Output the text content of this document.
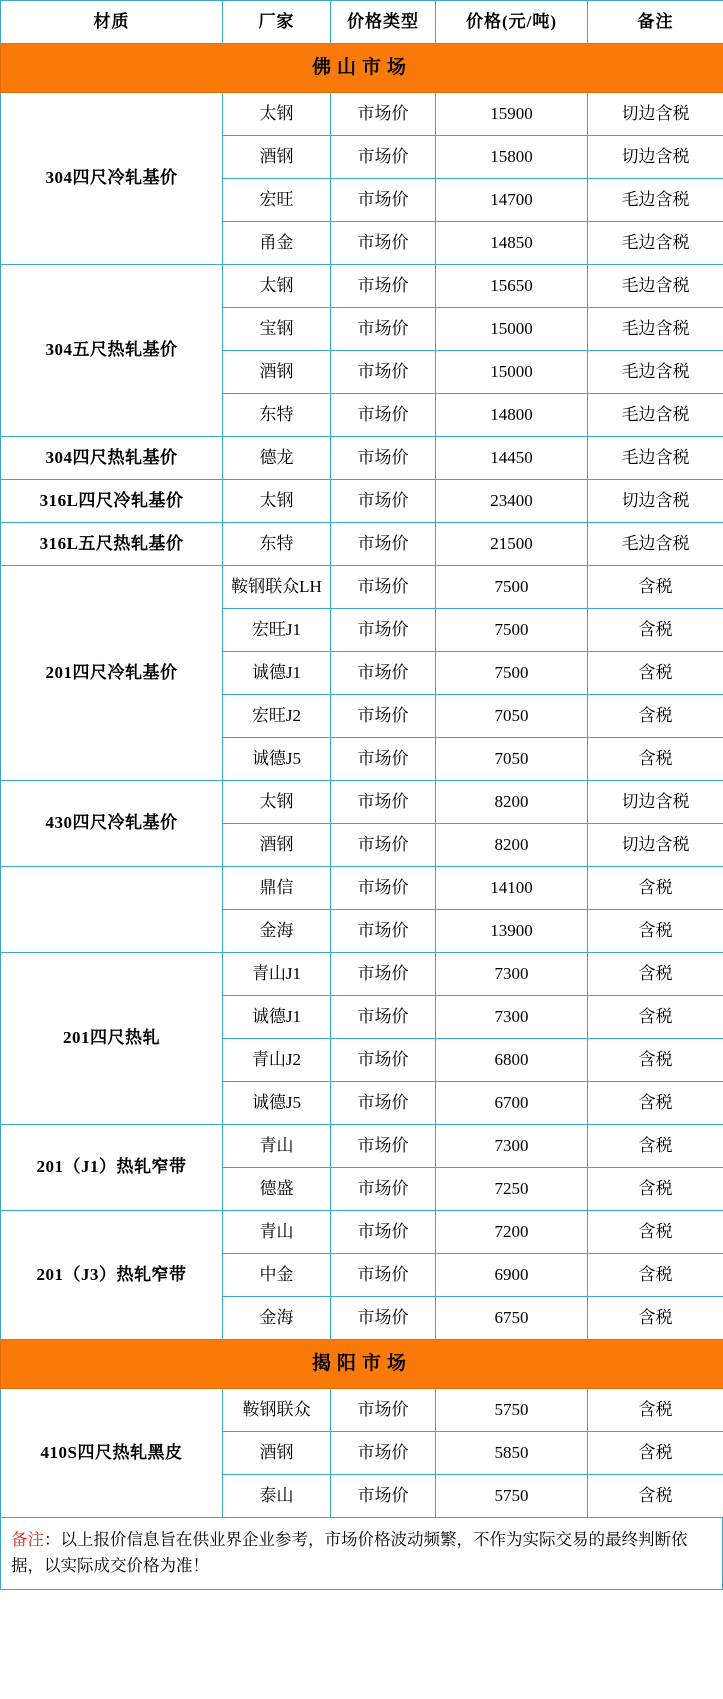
材质	厂家	价格类型	价格(元/吨)	备注
佛山市场				
304四尺冷轧基价	太钢	市场价	15900	切边含税
	酒钢	市场价	15800	切边含税
	宏旺	市场价	14700	毛边含税
	甬金	市场价	14850	毛边含税
304五尺热轧基价	太钢	市场价	15650	毛边含税
	宝钢	市场价	15000	毛边含税
	酒钢	市场价	15000	毛边含税
	东特	市场价	14800	毛边含税
304四尺热轧基价	德龙	市场价	14450	毛边含税
316L四尺冷轧基价	太钢	市场价	23400	切边含税
316L五尺热轧基价	东特	市场价	21500	毛边含税
201四尺冷轧基价	鞍钢联众LH	市场价	7500	含税
	宏旺J1	市场价	7500	含税
	诚德J1	市场价	7500	含税
	宏旺J2	市场价	7050	含税
	诚德J5	市场价	7050	含税
430四尺冷轧基价	太钢	市场价	8200	切边含税
	酒钢	市场价	8200	切边含税
	鼎信	市场价	14100	含税
	金海	市场价	13900	含税
201四尺热轧	青山J1	市场价	7300	含税
	诚德J1	市场价	7300	含税
	青山J2	市场价	6800	含税
	诚德J5	市场价	6700	含税
201（J1）热轧窄带	青山	市场价	7300	含税
	德盛	市场价	7250	含税
201（J3）热轧窄带	青山	市场价	7200	含税
	中金	市场价	6900	含税
	金海	市场价	6750	含税
揭阳市场				
410S四尺热轧黑皮	鞍钢联众	市场价	5750	含税
	酒钢	市场价	5850	含税
	泰山	市场价	5750	含税
备注：以上报价信息旨在供业界企业参考，市场价格波动频繁，不作为实际交易的最终判断依据，以实际成交价格为准！
